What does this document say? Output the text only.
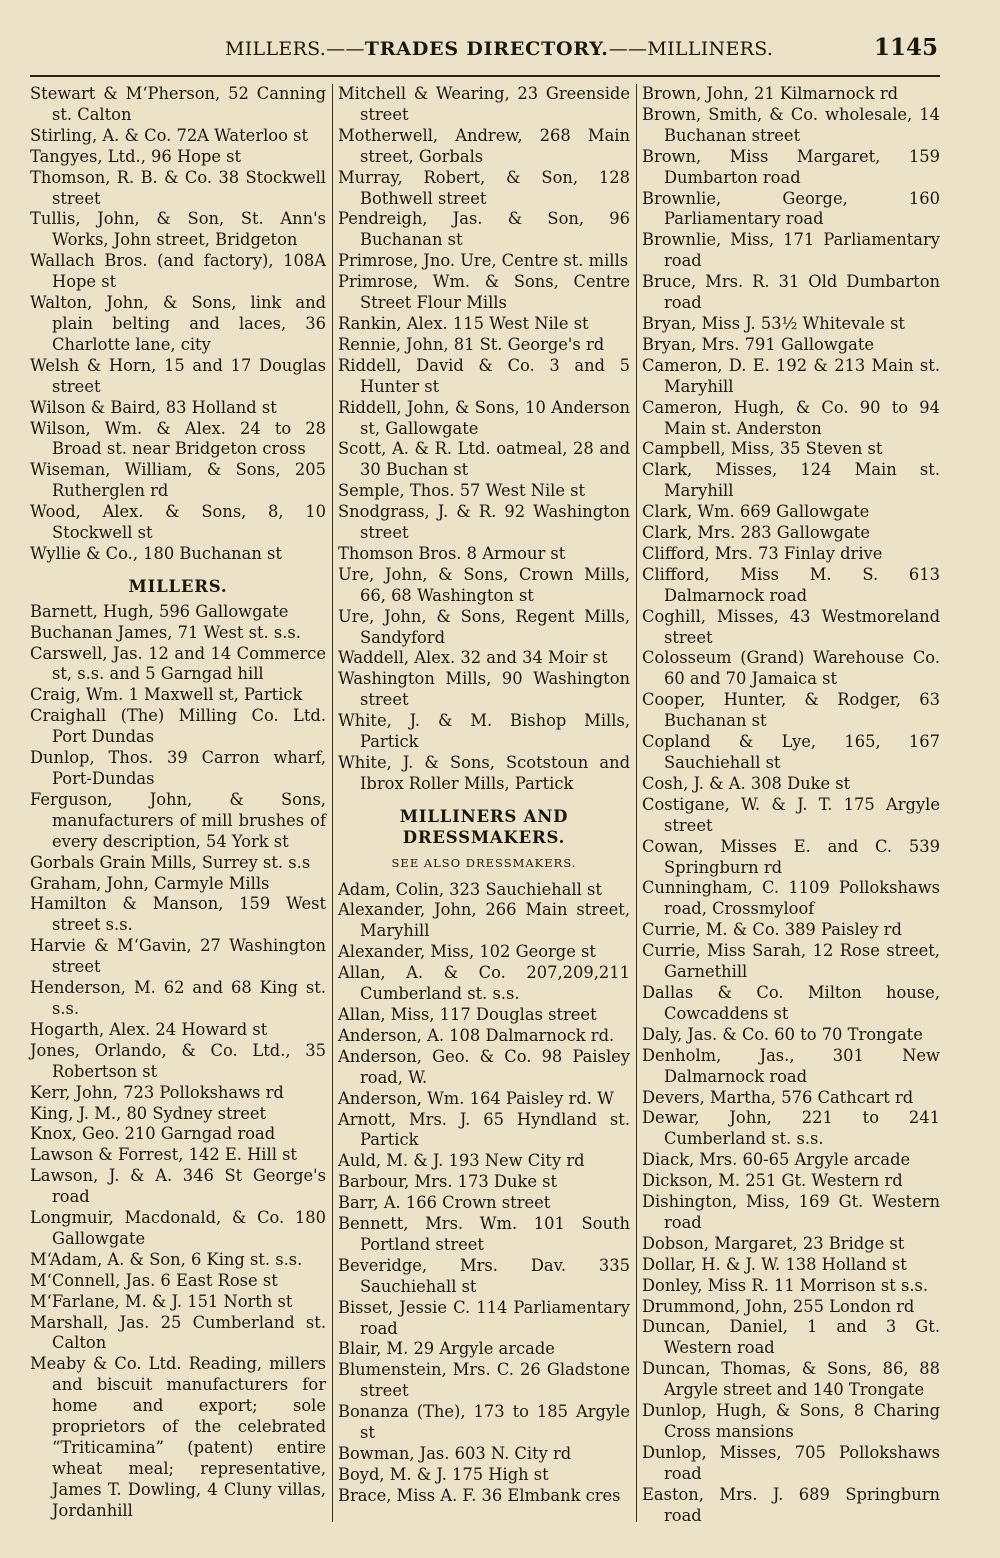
MILLERS.——TRADES DIRECTORY.——MILLINERS.	1145
Stewart & M‘Pherson, 52 Canning st. Calton
Stirling, A. & Co. 72A Waterloo st
Tangyes, Ltd., 96 Hope st
Thomson, R. B. & Co. 38 Stockwell street
Tullis, John, & Son, St. Ann's Works, John street, Bridgeton
Wallach Bros. (and factory), 108A Hope st
Walton, John, & Sons, link and plain belting and laces, 36 Charlotte lane, city
Welsh & Horn, 15 and 17 Douglas street
Wilson & Baird, 83 Holland st
Wilson, Wm. & Alex. 24 to 28 Broad st. near Bridgeton cross
Wiseman, William, & Sons, 205 Rutherglen rd
Wood, Alex. & Sons, 8, 10 Stockwell st
Wyllie & Co., 180 Buchanan st
MILLERS.
Barnett, Hugh, 596 Gallowgate
Buchanan James, 71 West st. s.s.
Carswell, Jas. 12 and 14 Commerce st, s.s. and 5 Garngad hill
Craig, Wm. 1 Maxwell st, Partick
Craighall (The) Milling Co. Ltd. Port Dundas
Dunlop, Thos. 39 Carron wharf, Port-Dundas
Ferguson, John, & Sons, manufacturers of mill brushes of every description, 54 York st
Gorbals Grain Mills, Surrey st. s.s
Graham, John, Carmyle Mills
Hamilton & Manson, 159 West street s.s.
Harvie & M‘Gavin, 27 Washington street
Henderson, M. 62 and 68 King st. s.s.
Hogarth, Alex. 24 Howard st
Jones, Orlando, & Co. Ltd., 35 Robertson st
Kerr, John, 723 Pollokshaws rd
King, J. M., 80 Sydney street
Knox, Geo. 210 Garngad road
Lawson & Forrest, 142 E. Hill st
Lawson, J. & A. 346 St George's road
Longmuir, Macdonald, & Co. 180 Gallowgate
M‘Adam, A. & Son, 6 King st. s.s.
M‘Connell, Jas. 6 East Rose st
M‘Farlane, M. & J. 151 North st
Marshall, Jas. 25 Cumberland st. Calton
Meaby & Co. Ltd. Reading, millers and biscuit manufacturers for home and export; sole proprietors of the celebrated “Triticamina” (patent) entire wheat meal; representative, James T. Dowling, 4 Cluny villas, Jordanhill
Mitchell & Wearing, 23 Greenside street
Motherwell, Andrew, 268 Main street, Gorbals
Murray, Robert, & Son, 128 Bothwell street
Pendreigh, Jas. & Son, 96 Buchanan st
Primrose, Jno. Ure, Centre st. mills
Primrose, Wm. & Sons, Centre Street Flour Mills
Rankin, Alex. 115 West Nile st
Rennie, John, 81 St. George's rd
Riddell, David & Co. 3 and 5 Hunter st
Riddell, John, & Sons, 10 Anderson st, Gallowgate
Scott, A. & R. Ltd. oatmeal, 28 and 30 Buchan st
Semple, Thos. 57 West Nile st
Snodgrass, J. & R. 92 Washington street
Thomson Bros. 8 Armour st
Ure, John, & Sons, Crown Mills, 66, 68 Washington st
Ure, John, & Sons, Regent Mills, Sandyford
Waddell, Alex. 32 and 34 Moir st
Washington Mills, 90 Washington street
White, J. & M. Bishop Mills, Partick
White, J. & Sons, Scotstoun and Ibrox Roller Mills, Partick
MILLINERS AND DRESSMAKERS.
SEE ALSO DRESSMAKERS.
Adam, Colin, 323 Sauchiehall st
Alexander, John, 266 Main street, Maryhill
Alexander, Miss, 102 George st
Allan, A. & Co. 207,209,211 Cumberland st. s.s.
Allan, Miss, 117 Douglas street
Anderson, A. 108 Dalmarnock rd.
Anderson, Geo. & Co. 98 Paisley road, W.
Anderson, Wm. 164 Paisley rd. W
Arnott, Mrs. J. 65 Hyndland st. Partick
Auld, M. & J. 193 New City rd
Barbour, Mrs. 173 Duke st
Barr, A. 166 Crown street
Bennett, Mrs. Wm. 101 South Portland street
Beveridge, Mrs. Dav. 335 Sauchiehall st
Bisset, Jessie C. 114 Parliamentary road
Blair, M. 29 Argyle arcade
Blumenstein, Mrs. C. 26 Gladstone street
Bonanza (The), 173 to 185 Argyle st
Bowman, Jas. 603 N. City rd
Boyd, M. & J. 175 High st
Brace, Miss A. F. 36 Elmbank cres
Brown, John, 21 Kilmarnock rd
Brown, Smith, & Co. wholesale, 14 Buchanan street
Brown, Miss Margaret, 159 Dumbarton road
Brownlie, George, 160 Parliamentary road
Brownlie, Miss, 171 Parliamentary road
Bruce, Mrs. R. 31 Old Dumbarton road
Bryan, Miss J. 53½ Whitevale st
Bryan, Mrs. 791 Gallowgate
Cameron, D. E. 192 & 213 Main st. Maryhill
Cameron, Hugh, & Co. 90 to 94 Main st. Anderston
Campbell, Miss, 35 Steven st
Clark, Misses, 124 Main st. Maryhill
Clark, Wm. 669 Gallowgate
Clark, Mrs. 283 Gallowgate
Clifford, Mrs. 73 Finlay drive
Clifford, Miss M. S. 613 Dalmarnock road
Coghill, Misses, 43 Westmoreland street
Colosseum (Grand) Warehouse Co. 60 and 70 Jamaica st
Cooper, Hunter, & Rodger, 63 Buchanan st
Copland & Lye, 165, 167 Sauchiehall st
Cosh, J. & A. 308 Duke st
Costigane, W. & J. T. 175 Argyle street
Cowan, Misses E. and C. 539 Springburn rd
Cunningham, C. 1109 Pollokshaws road, Crossmyloof
Currie, M. & Co. 389 Paisley rd
Currie, Miss Sarah, 12 Rose street, Garnethill
Dallas & Co. Milton house, Cowcaddens st
Daly, Jas. & Co. 60 to 70 Trongate
Denholm, Jas., 301 New Dalmarnock road
Devers, Martha, 576 Cathcart rd
Dewar, John, 221 to 241 Cumberland st. s.s.
Diack, Mrs. 60-65 Argyle arcade
Dickson, M. 251 Gt. Western rd
Dishington, Miss, 169 Gt. Western road
Dobson, Margaret, 23 Bridge st
Dollar, H. & J. W. 138 Holland st
Donley, Miss R. 11 Morrison st s.s.
Drummond, John, 255 London rd
Duncan, Daniel, 1 and 3 Gt. Western road
Duncan, Thomas, & Sons, 86, 88 Argyle street and 140 Trongate
Dunlop, Hugh, & Sons, 8 Charing Cross mansions
Dunlop, Misses, 705 Pollokshaws road
Easton, Mrs. J. 689 Springburn road
